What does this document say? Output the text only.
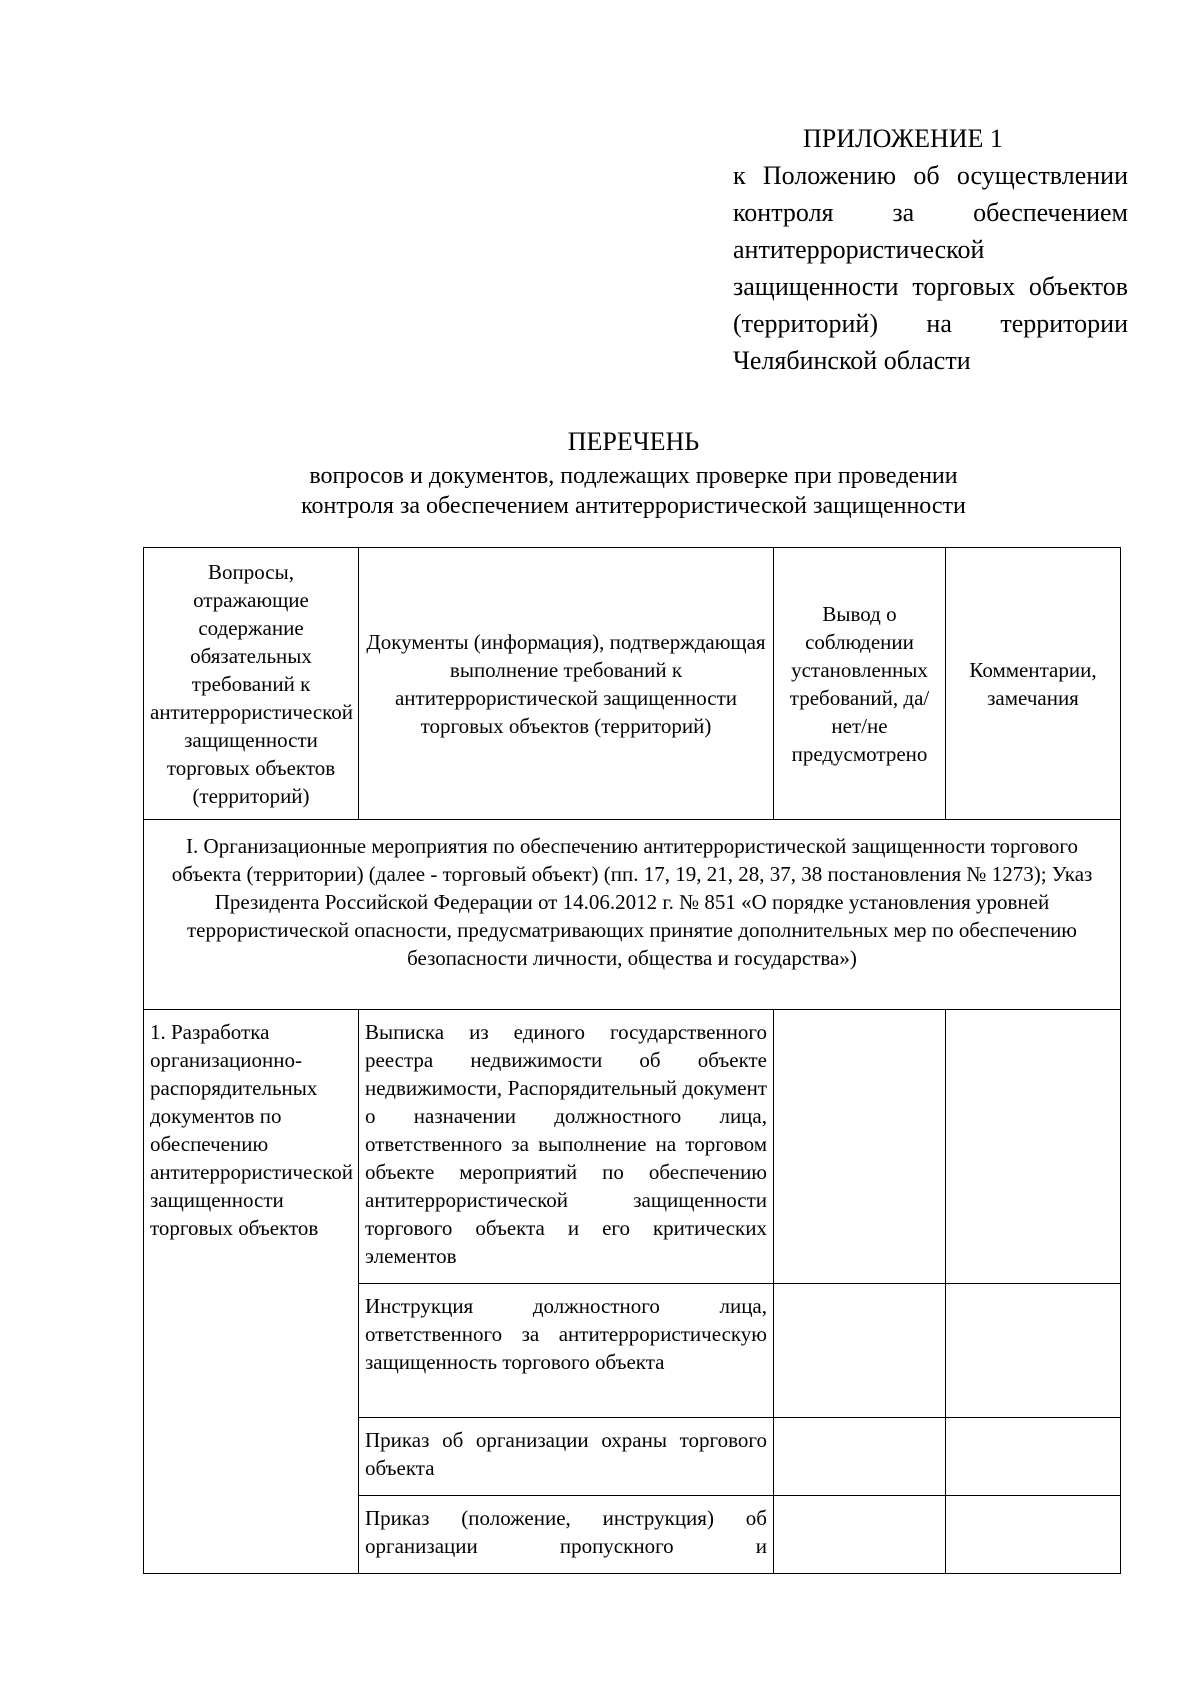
ПРИЛОЖЕНИЕ 1
к Положению об осуществлении
контроля за обеспечением
антитеррористической
защищенности торговых объектов
(территорий) на территории
Челябинской области
ПЕРЕЧЕНЬ
вопросов и документов, подлежащих проверке при проведении
контроля за обеспечением антитеррористической защищенности
Вопросы, отражающие содержание обязательных требований к антитеррористической защищенности торговых объектов (территорий)	Документы (информация), подтверждающая выполнение требований к антитеррористической защищенности торговых объектов (территорий)	Вывод о соблюдении установленных требований, да/нет/не предусмотрено	Комментарии, замечания
I. Организационные мероприятия по обеспечению антитеррористической защищенности торгового объекта (территории) (далее - торговый объект) (пп. 17, 19, 21, 28, 37, 38 постановления № 1273); Указ Президента Российской Федерации от 14.06.2012 г. № 851 «О порядке установления уровней террористической опасности, предусматривающих принятие дополнительных мер по обеспечению безопасности личности, общества и государства»)			
1. Разработка организационно-распорядительных документов по обеспечению антитеррористической защищенности торговых объектов	Выписка из единого государственного реестра недвижимости об объекте недвижимости, Распорядительный документ о назначении должностного лица, ответственного за выполнение на торговом объекте мероприятий по обеспечению антитеррористической защищенности торгового объекта и его критических элементов		
	Инструкция должностного лица, ответственного за антитеррористическую защищенность торгового объекта		
	Приказ об организации охраны торгового объекта		
	Приказ (положение, инструкция) об организации пропускного и		
